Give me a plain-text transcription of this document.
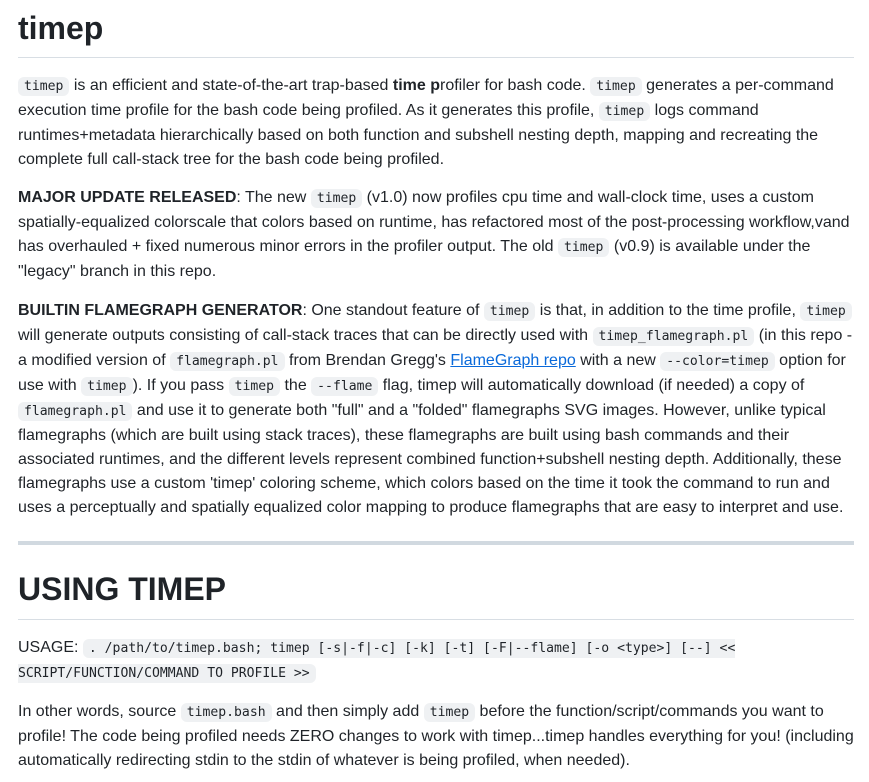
timep

timep is an efficient and state-of-the-art trap-based time profiler for bash code. timep generates a per-command execution time profile for the bash code being profiled. As it generates this profile, timep logs command runtimes+metadata hierarchically based on both function and subshell nesting depth, mapping and recreating the complete full call-stack tree for the bash code being profiled.

MAJOR UPDATE RELEASED: The new timep (v1.0) now profiles cpu time and wall-clock time, uses a custom spatially-equalized colorscale that colors based on runtime, has refactored most of the post-processing workflow,vand has overhauled + fixed numerous minor errors in the profiler output. The old timep (v0.9) is available under the "legacy" branch in this repo.

BUILTIN FLAMEGRAPH GENERATOR: One standout feature of timep is that, in addition to the time profile, timep will generate outputs consisting of call-stack traces that can be directly used with timep_flamegraph.pl (in this repo - a modified version of flamegraph.pl from Brendan Gregg's FlameGraph repo with a new --color=timep option for use with timep ). If you pass timep the --flame flag, timep will automatically download (if needed) a copy of flamegraph.pl and use it to generate both "full" and a "folded" flamegraphs SVG images. However, unlike typical flamegraphs (which are built using stack traces), these flamegraphs are built using bash commands and their associated runtimes, and the different levels represent combined function+subshell nesting depth. Additionally, these flamegraphs use a custom 'timep' coloring scheme, which colors based on the time it took the command to run and uses a perceptually and spatially equalized color mapping to produce flamegraphs that are easy to interpret and use.

USING TIMEP

USAGE: . /path/to/timep.bash; timep [-s|-f|-c] [-k] [-t] [-F|--flame] [-o <type>] [--] << SCRIPT/FUNCTION/COMMAND TO PROFILE >>

In other words, source timep.bash and then simply add timep before the function/script/commands you want to profile! The code being profiled needs ZERO changes to work with timep...timep handles everything for you! (including automatically redirecting stdin to the stdin of whatever is being profiled, when needed).
